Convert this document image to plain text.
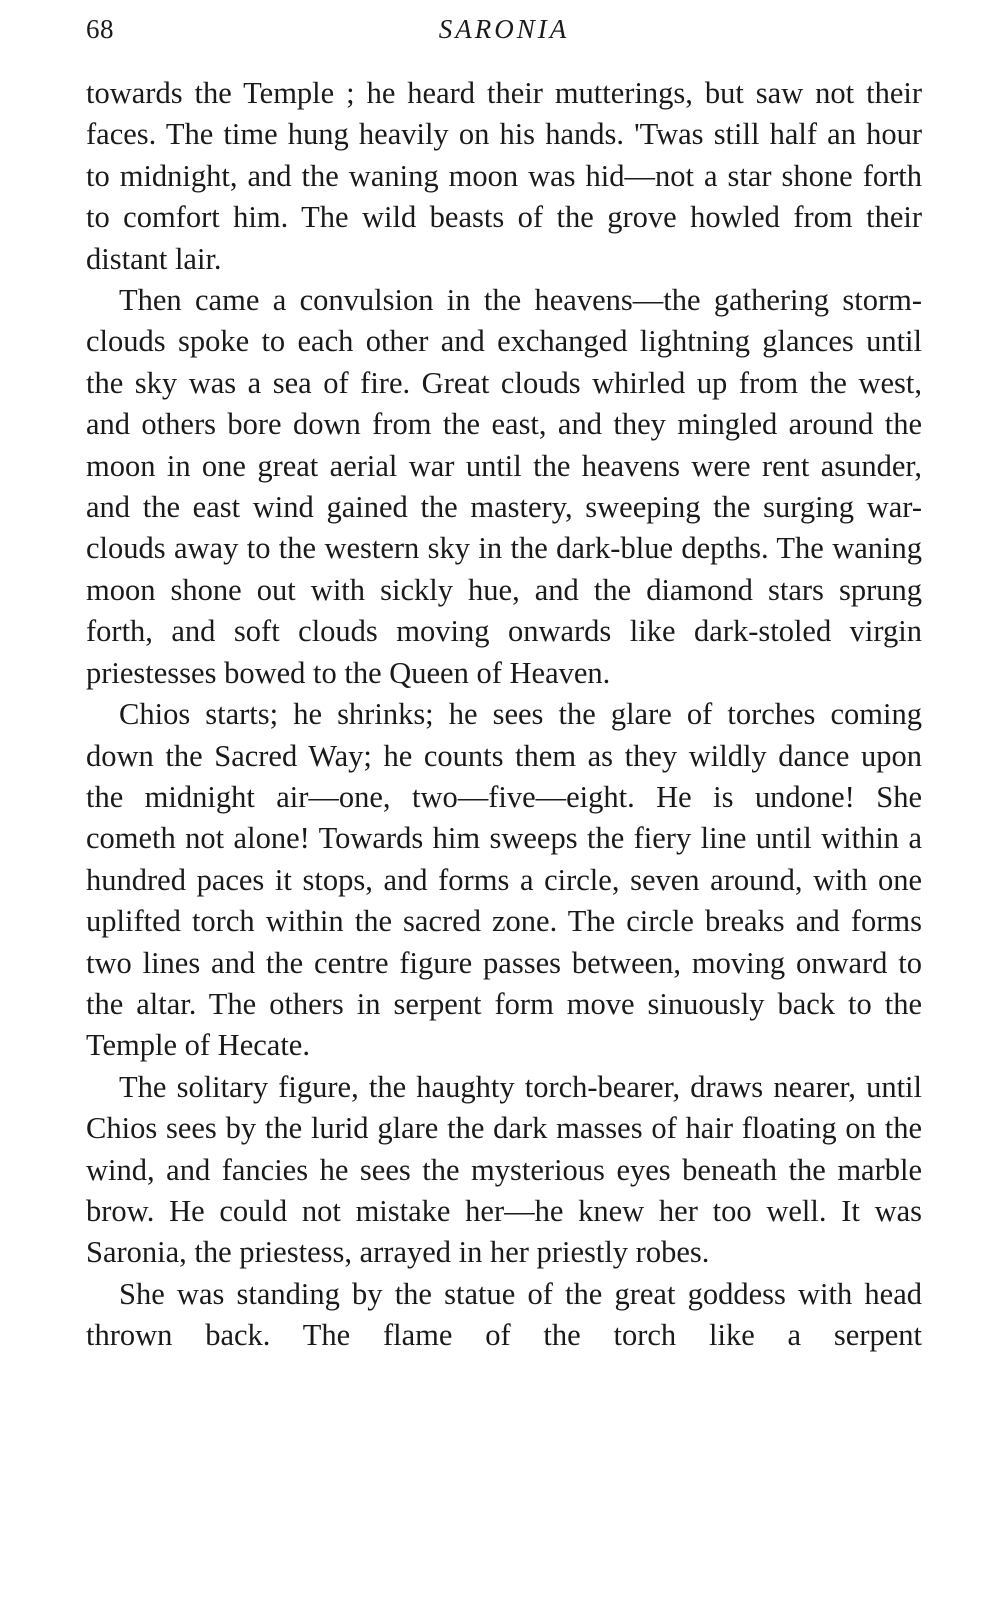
68	SARONIA

towards the Temple ; he heard their mutterings, but saw not their faces. The time hung heavily on his hands. 'Twas still half an hour to midnight, and the waning moon was hid—not a star shone forth to comfort him. The wild beasts of the grove howled from their distant lair.

Then came a convulsion in the heavens—the gathering storm-clouds spoke to each other and exchanged lightning glances until the sky was a sea of fire. Great clouds whirled up from the west, and others bore down from the east, and they mingled around the moon in one great aerial war until the heavens were rent asunder, and the east wind gained the mastery, sweeping the surging war-clouds away to the western sky in the dark-blue depths. The waning moon shone out with sickly hue, and the diamond stars sprung forth, and soft clouds moving onwards like dark-stoled virgin priestesses bowed to the Queen of Heaven.

Chios starts; he shrinks; he sees the glare of torches coming down the Sacred Way; he counts them as they wildly dance upon the midnight air—one, two—five—eight. He is undone! She cometh not alone! Towards him sweeps the fiery line until within a hundred paces it stops, and forms a circle, seven around, with one uplifted torch within the sacred zone. The circle breaks and forms two lines and the centre figure passes between, moving onward to the altar. The others in serpent form move sinuously back to the Temple of Hecate.

The solitary figure, the haughty torch-bearer, draws nearer, until Chios sees by the lurid glare the dark masses of hair floating on the wind, and fancies he sees the mysterious eyes beneath the marble brow. He could not mistake her—he knew her too well. It was Saronia, the priestess, arrayed in her priestly robes.

She was standing by the statue of the great goddess with head thrown back. The flame of the torch like a serpent
